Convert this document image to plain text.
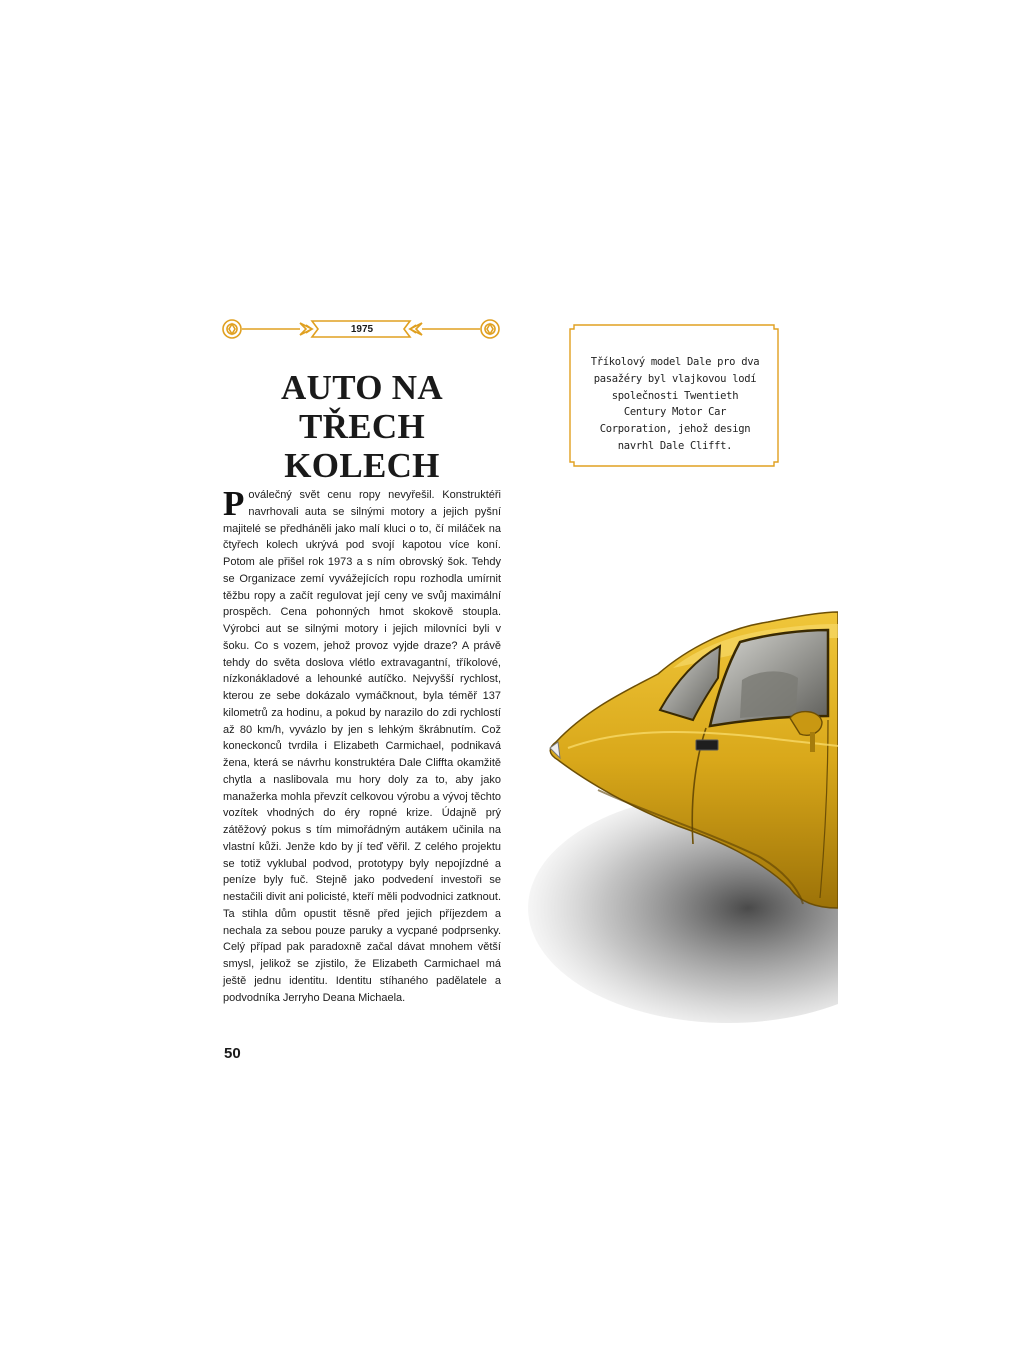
1975
AUTO NA TŘECH
KOLECH
Tříkolový model Dale pro dva pasažéry byl vlajkovou lodí společnosti Twentieth Century Motor Car Corporation, jehož design navrhl Dale Clifft.
Poválečný svět cenu ropy nevyřešil. Konstruktéři navrhovali auta se silnými motory a jejich pyšní majitelé se předháněli jako malí kluci o to, čí miláček na čtyřech kolech ukrývá pod svojí kapotou více koní. Potom ale přišel rok 1973 a s ním obrovský šok. Tehdy se Organizace zemí vyvážejících ropu rozhodla umírnit těžbu ropy a začít regulovat její ceny ve svůj maximální prospěch. Cena pohonných hmot skokově stoupla. Výrobci aut se silnými motory i jejich milovníci byli v šoku. Co s vozem, jehož provoz vyjde draze? A právě tehdy do světa doslova vlétlo extravagantní, tříkolové, nízkonákladové a lehounké autíčko. Nejvyšší rychlost, kterou ze sebe dokázalo vymáčknout, byla téměř 137 kilometrů za hodinu, a pokud by narazilo do zdi rychlostí až 80 km/h, vyvázlo by jen s lehkým škrábnutím. Což koneckonců tvrdila i Elizabeth Carmichael, podnikavá žena, která se návrhu konstruktéra Dale Cliffta okamžitě chytla a naslibovala mu hory doly za to, aby jako manažerka mohla převzít celkovou výrobu a vývoj těchto vozítek vhodných do éry ropné krize. Údajně prý zátěžový pokus s tím mimořádným autákem učinila na vlastní kůži. Jenže kdo by jí teď věřil. Z celého projektu se totiž vyklubal podvod, prototypy byly nepojízdné a peníze byly fuč. Stejně jako podvedení investoři se nestačili divit ani policisté, kteří měli podvodnici zatknout. Ta stihla dům opustit těsně před jejich příjezdem a nechala za sebou pouze paruky a vycpané podprsenky. Celý případ pak paradoxně začal dávat mnohem větší smysl, jelikož se zjistilo, že Elizabeth Carmichael má ještě jednu identitu. Identitu stíhaného padělatele a podvodníka Jerryho Deana Michaela.
50
